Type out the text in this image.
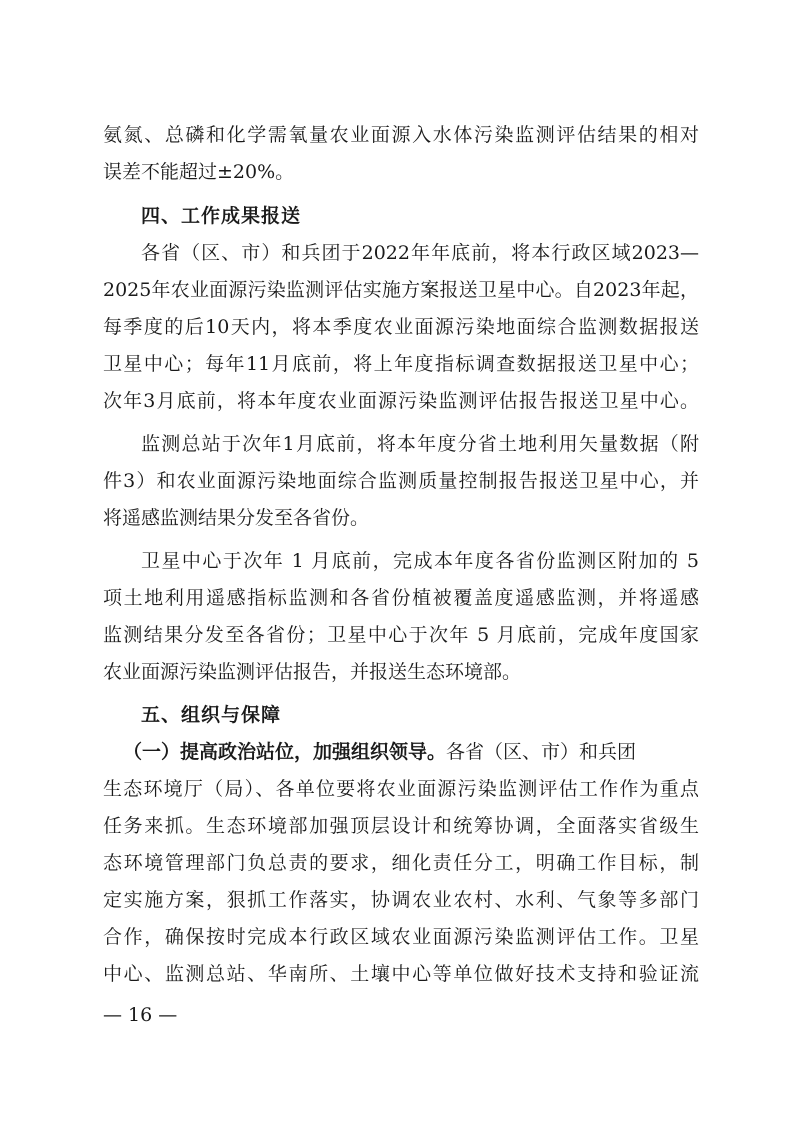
氨氮、总磷和化学需氧量农业面源入水体污染监测评估结果的相对
误差不能超过±20%。
四、工作成果报送
各省（区、市）和兵团于2022年年底前，将本行政区域2023—
2025年农业面源污染监测评估实施方案报送卫星中心。自2023年起，
每季度的后10天内，将本季度农业面源污染地面综合监测数据报送
卫星中心；每年11月底前，将上年度指标调查数据报送卫星中心；
次年3月底前，将本年度农业面源污染监测评估报告报送卫星中心。
监测总站于次年1月底前，将本年度分省土地利用矢量数据（附
件3）和农业面源污染地面综合监测质量控制报告报送卫星中心，并
将遥感监测结果分发至各省份。
卫星中心于次年 1 月底前，完成本年度各省份监测区附加的 5
项土地利用遥感指标监测和各省份植被覆盖度遥感监测，并将遥感
监测结果分发至各省份；卫星中心于次年 5 月底前，完成年度国家
农业面源污染监测评估报告，并报送生态环境部。
五、组织与保障
（一）提高政治站位，加强组织领导。各省（区、市）和兵团
生态环境厅（局）、各单位要将农业面源污染监测评估工作作为重点
任务来抓。生态环境部加强顶层设计和统筹协调，全面落实省级生
态环境管理部门负总责的要求，细化责任分工，明确工作目标，制
定实施方案，狠抓工作落实，协调农业农村、水利、气象等多部门
合作，确保按时完成本行政区域农业面源污染监测评估工作。卫星
中心、监测总站、华南所、土壤中心等单位做好技术支持和验证流
— 16 —
